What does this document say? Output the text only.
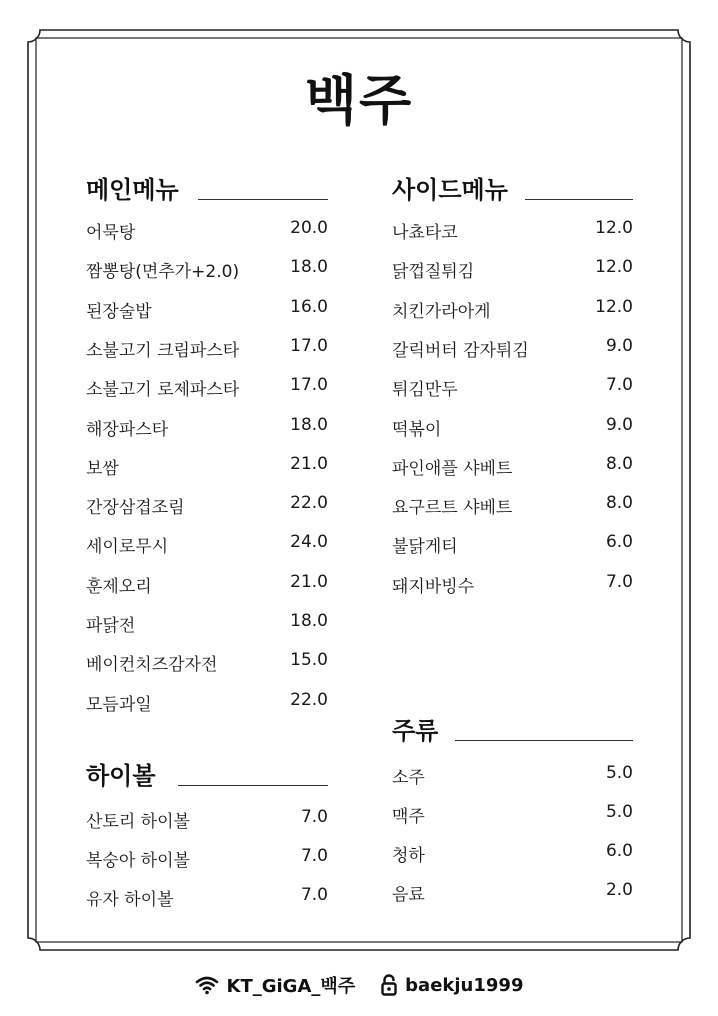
백주
메인메뉴
어묵탕	20.0
짬뽕탕(면추가+2.0)	18.0
된장술밥	16.0
소불고기 크림파스타	17.0
소불고기 로제파스타	17.0
해장파스타	18.0
보쌈	21.0
간장삼겹조림	22.0
세이로무시	24.0
훈제오리	21.0
파닭전	18.0
베이컨치즈감자전	15.0
모듬과일	22.0
사이드메뉴
나쵸타코	12.0
닭껍질튀김	12.0
치킨가라아게	12.0
갈릭버터 감자튀김	9.0
튀김만두	7.0
떡볶이	9.0
파인애플 샤베트	8.0
요구르트 샤베트	8.0
불닭게티	6.0
돼지바빙수	7.0
하이볼
산토리 하이볼	7.0
복숭아 하이볼	7.0
유자 하이볼	7.0
주류
소주	5.0
맥주	5.0
청하	6.0
음료	2.0
KT_GiGA_백주	baekju1999
